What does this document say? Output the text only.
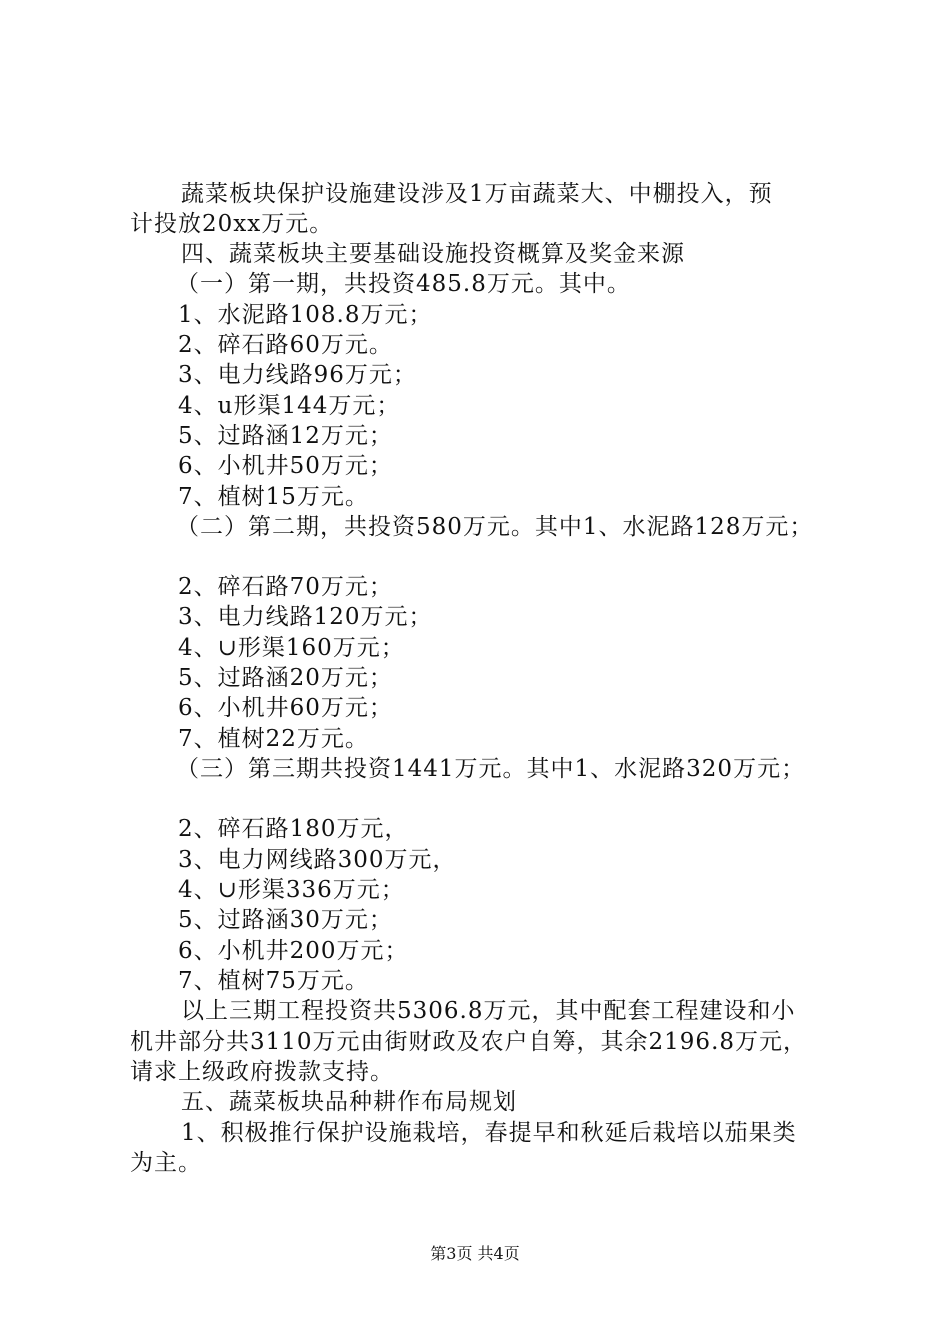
蔬菜板块保护设施建设涉及1万亩蔬菜大、中棚投入，预
计投放20xx万元。
四、蔬菜板块主要基础设施投资概算及奖金来源
（一）第一期，共投资485.8万元。其中。
1、水泥路108.8万元；
2、碎石路60万元。
3、电力线路96万元；
4、u形渠144万元；
5、过路涵12万元；
6、小机井50万元；
7、植树15万元。
（二）第二期，共投资580万元。其中1、水泥路128万元；
2、碎石路70万元；
3、电力线路120万元；
4、∪形渠160万元；
5、过路涵20万元；
6、小机井60万元；
7、植树22万元。
（三）第三期共投资1441万元。其中1、水泥路320万元；
2、碎石路180万元，
3、电力网线路300万元，
4、∪形渠336万元；
5、过路涵30万元；
6、小机井200万元；
7、植树75万元。
以上三期工程投资共5306.8万元，其中配套工程建设和小
机井部分共3110万元由街财政及农户自筹，其余2196.8万元，
请求上级政府拨款支持。
五、蔬菜板块品种耕作布局规划
1、积极推行保护设施栽培，春提早和秋延后栽培以茄果类
为主。
第3页 共4页
